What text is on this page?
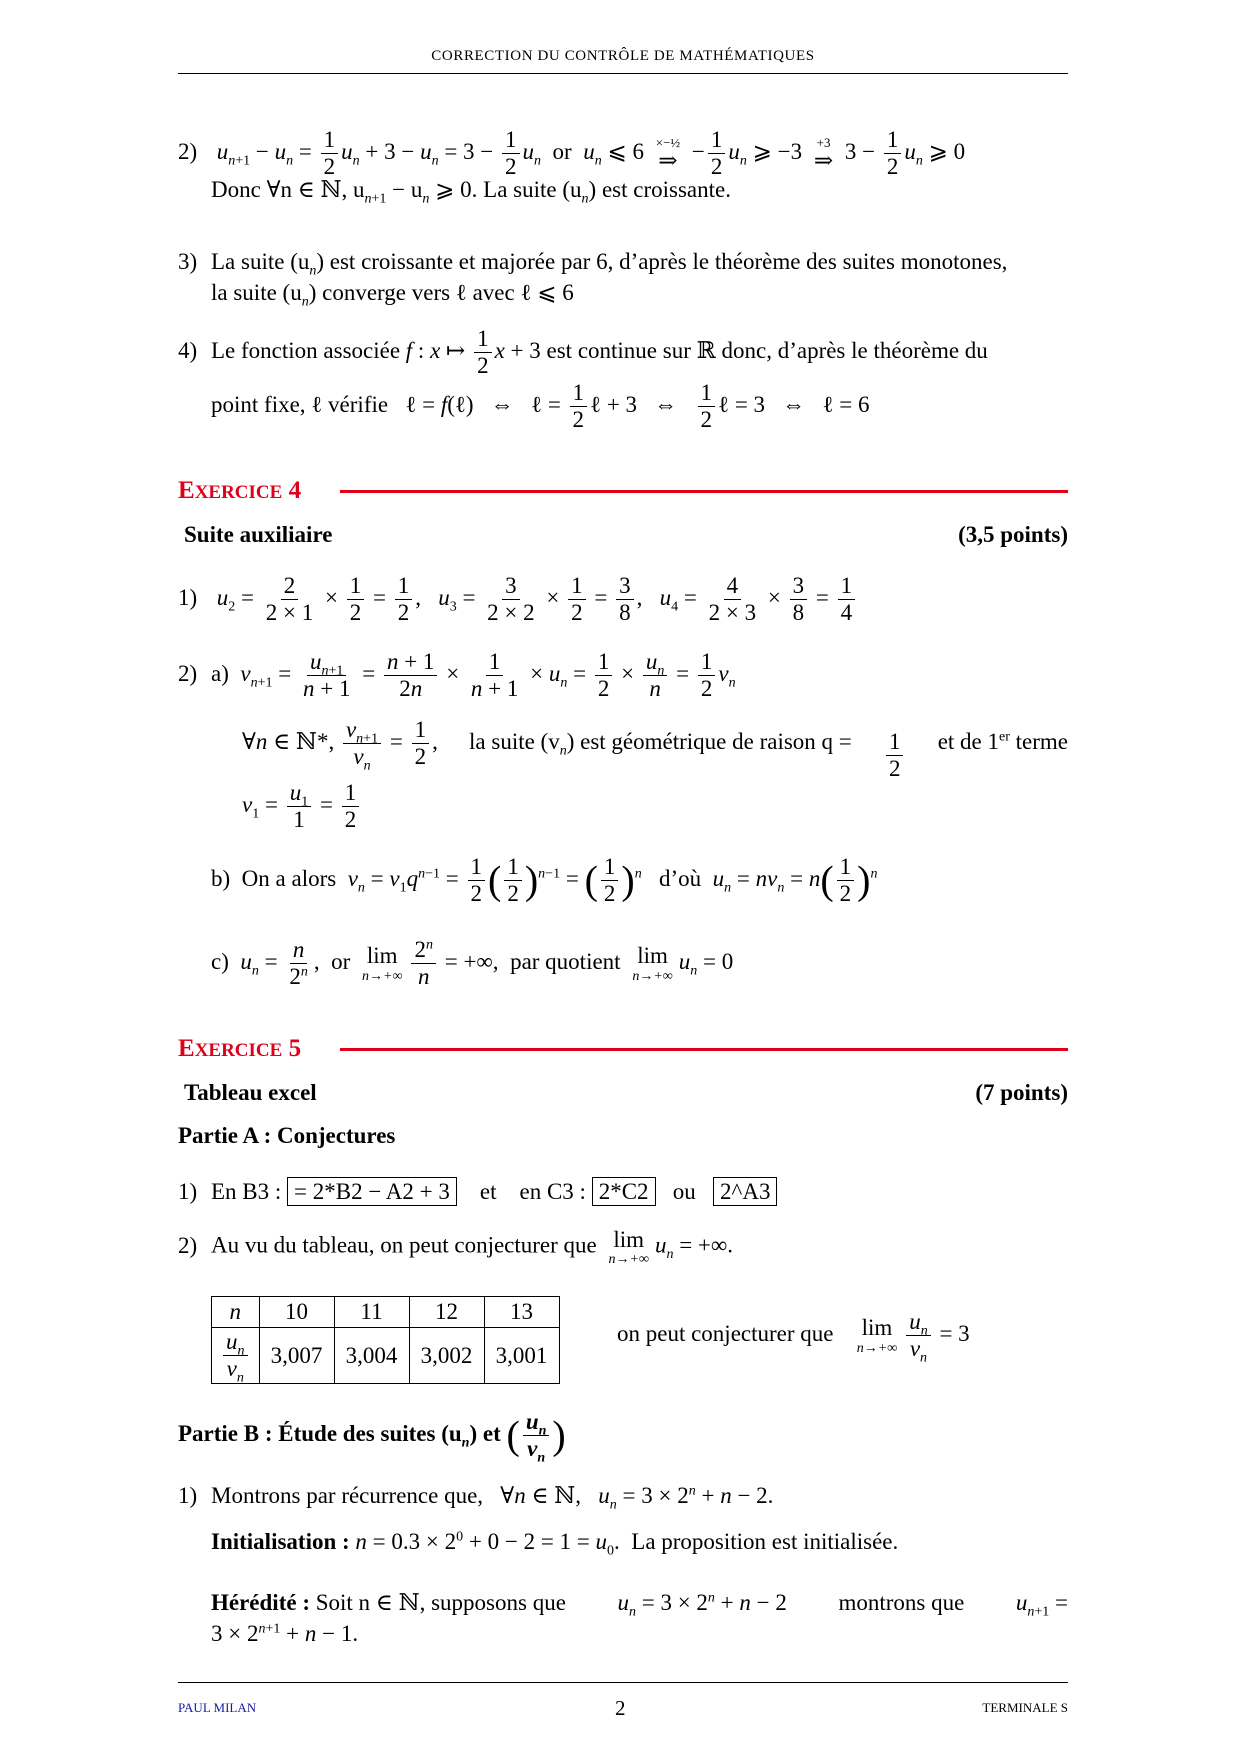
CORRECTION DU CONTRÔLE DE MATHÉMATIQUES
2) $u_{n+1} - u_n = \frac{1}{2} u_n + 3 - u_n = 3 - \frac{1}{2} u_n$ or $u_n$ ⩽ 6 ×−½
⇒ − $\frac{1}{2} u_n$ ⩾ −3 +3
⇒ $3 - \frac{1}{2} u_n$ ⩾ 0
Donc ∀n ∈ ℕ, $u_{n+1} - u_n$ ⩾ 0. La suite $(u_n)$ est croissante.
3) La suite $(u_n)$ est croissante et majorée par 6, d’après le théorème des suites monotones,
la suite $(u_n)$ converge vers ℓ avec ℓ ⩽ 6
4) Le fonction associée f : x ↦ $\frac{1}{2}$ x + 3 est continue sur ℝ donc, d’après le théorème du
point fixe, ℓ vérifie   ℓ = f(ℓ)   ⇔   ℓ = $\frac{1}{2}$ ℓ + 3   ⇔ $\frac{1}{2}$ ℓ = 3   ⇔   ℓ = 6
EXERCICE 4
Suite auxiliaire	(3,5 points)
1) $u_2 = \frac{2}{2 \times 1} \times \frac{1}{2} = \frac{1}{2}$ ,   $u_3 = \frac{3}{2 \times 2} \times \frac{1}{2} = \frac{3}{8}$ ,   $u_4 = \frac{4}{2 \times 3} \times \frac{3}{8} = \frac{1}{4}$
2) a) $v_{n+1} = \frac{u_{n+1}}{n + 1} = \frac{n + 1}{2n} \times \frac{1}{n + 1} \times u_n = \frac{1}{2} \times \frac{u_n}{n} = \frac{1}{2} v_n$
∀n ∈ ℕ*, $\frac{v_{n+1}}{v_n} = \frac{1}{2}$ , la suite $(v_n)$ est géométrique de raison $q = \frac{1}{2}$ et de 1er terme
$v_1 = \frac{u_1}{1} = \frac{1}{2}$
b) On a alors $v_n = v_1q^{n-1} = \frac{1}{2}$ ( $\frac{1}{2} )^{n-1}$ = ( $\frac{1}{2} )^n$ d’où $u_n = nv_n = n( \frac{1}{2} )^n$
c) $u_n = \frac{n}{2^n}$ ,  or lim
$n\to+\infty \frac{2^n}{n}$ = +∞,  par quotient lim
n→+∞
$u_n = 0$
EXERCICE 5
Tableau excel	(7 points)
Partie A : Conjectures
1) En B3 : = 2*B2 − A2 + 3 et en C3 : 2*C2 ou 2^A3
2) Au vu du tableau, on peut conjecturer que lim
n→+∞
$u_n$ = +∞.
n	10	11	12	13

$\frac{u_n}{v_n}$	3,007	3,004	3,002	3,001
on peut conjecturer que lim
$n\to+\infty \frac{u_n}{v_n} = 3$
Partie B : Étude des suites $(u_n)$ et ( $\frac{u_n}{v_n}$ )
1) Montrons par récurrence que,   ∀n ∈ ℕ,   $u_n = 3 \times 2^n + n - 2$.
Initialisation : $n = 0.3 \times 2^0 + 0 - 2 = 1 = u_0$.  La proposition est initialisée.
Hérédité : Soit n ∈ ℕ, supposons que $u_n = 3 \times 2^n + n - 2$ montrons que $u_{n+1}$ =
$3 \times 2^{n+1} + n - 1$.
PAUL MILAN	2	TERMINALE S
